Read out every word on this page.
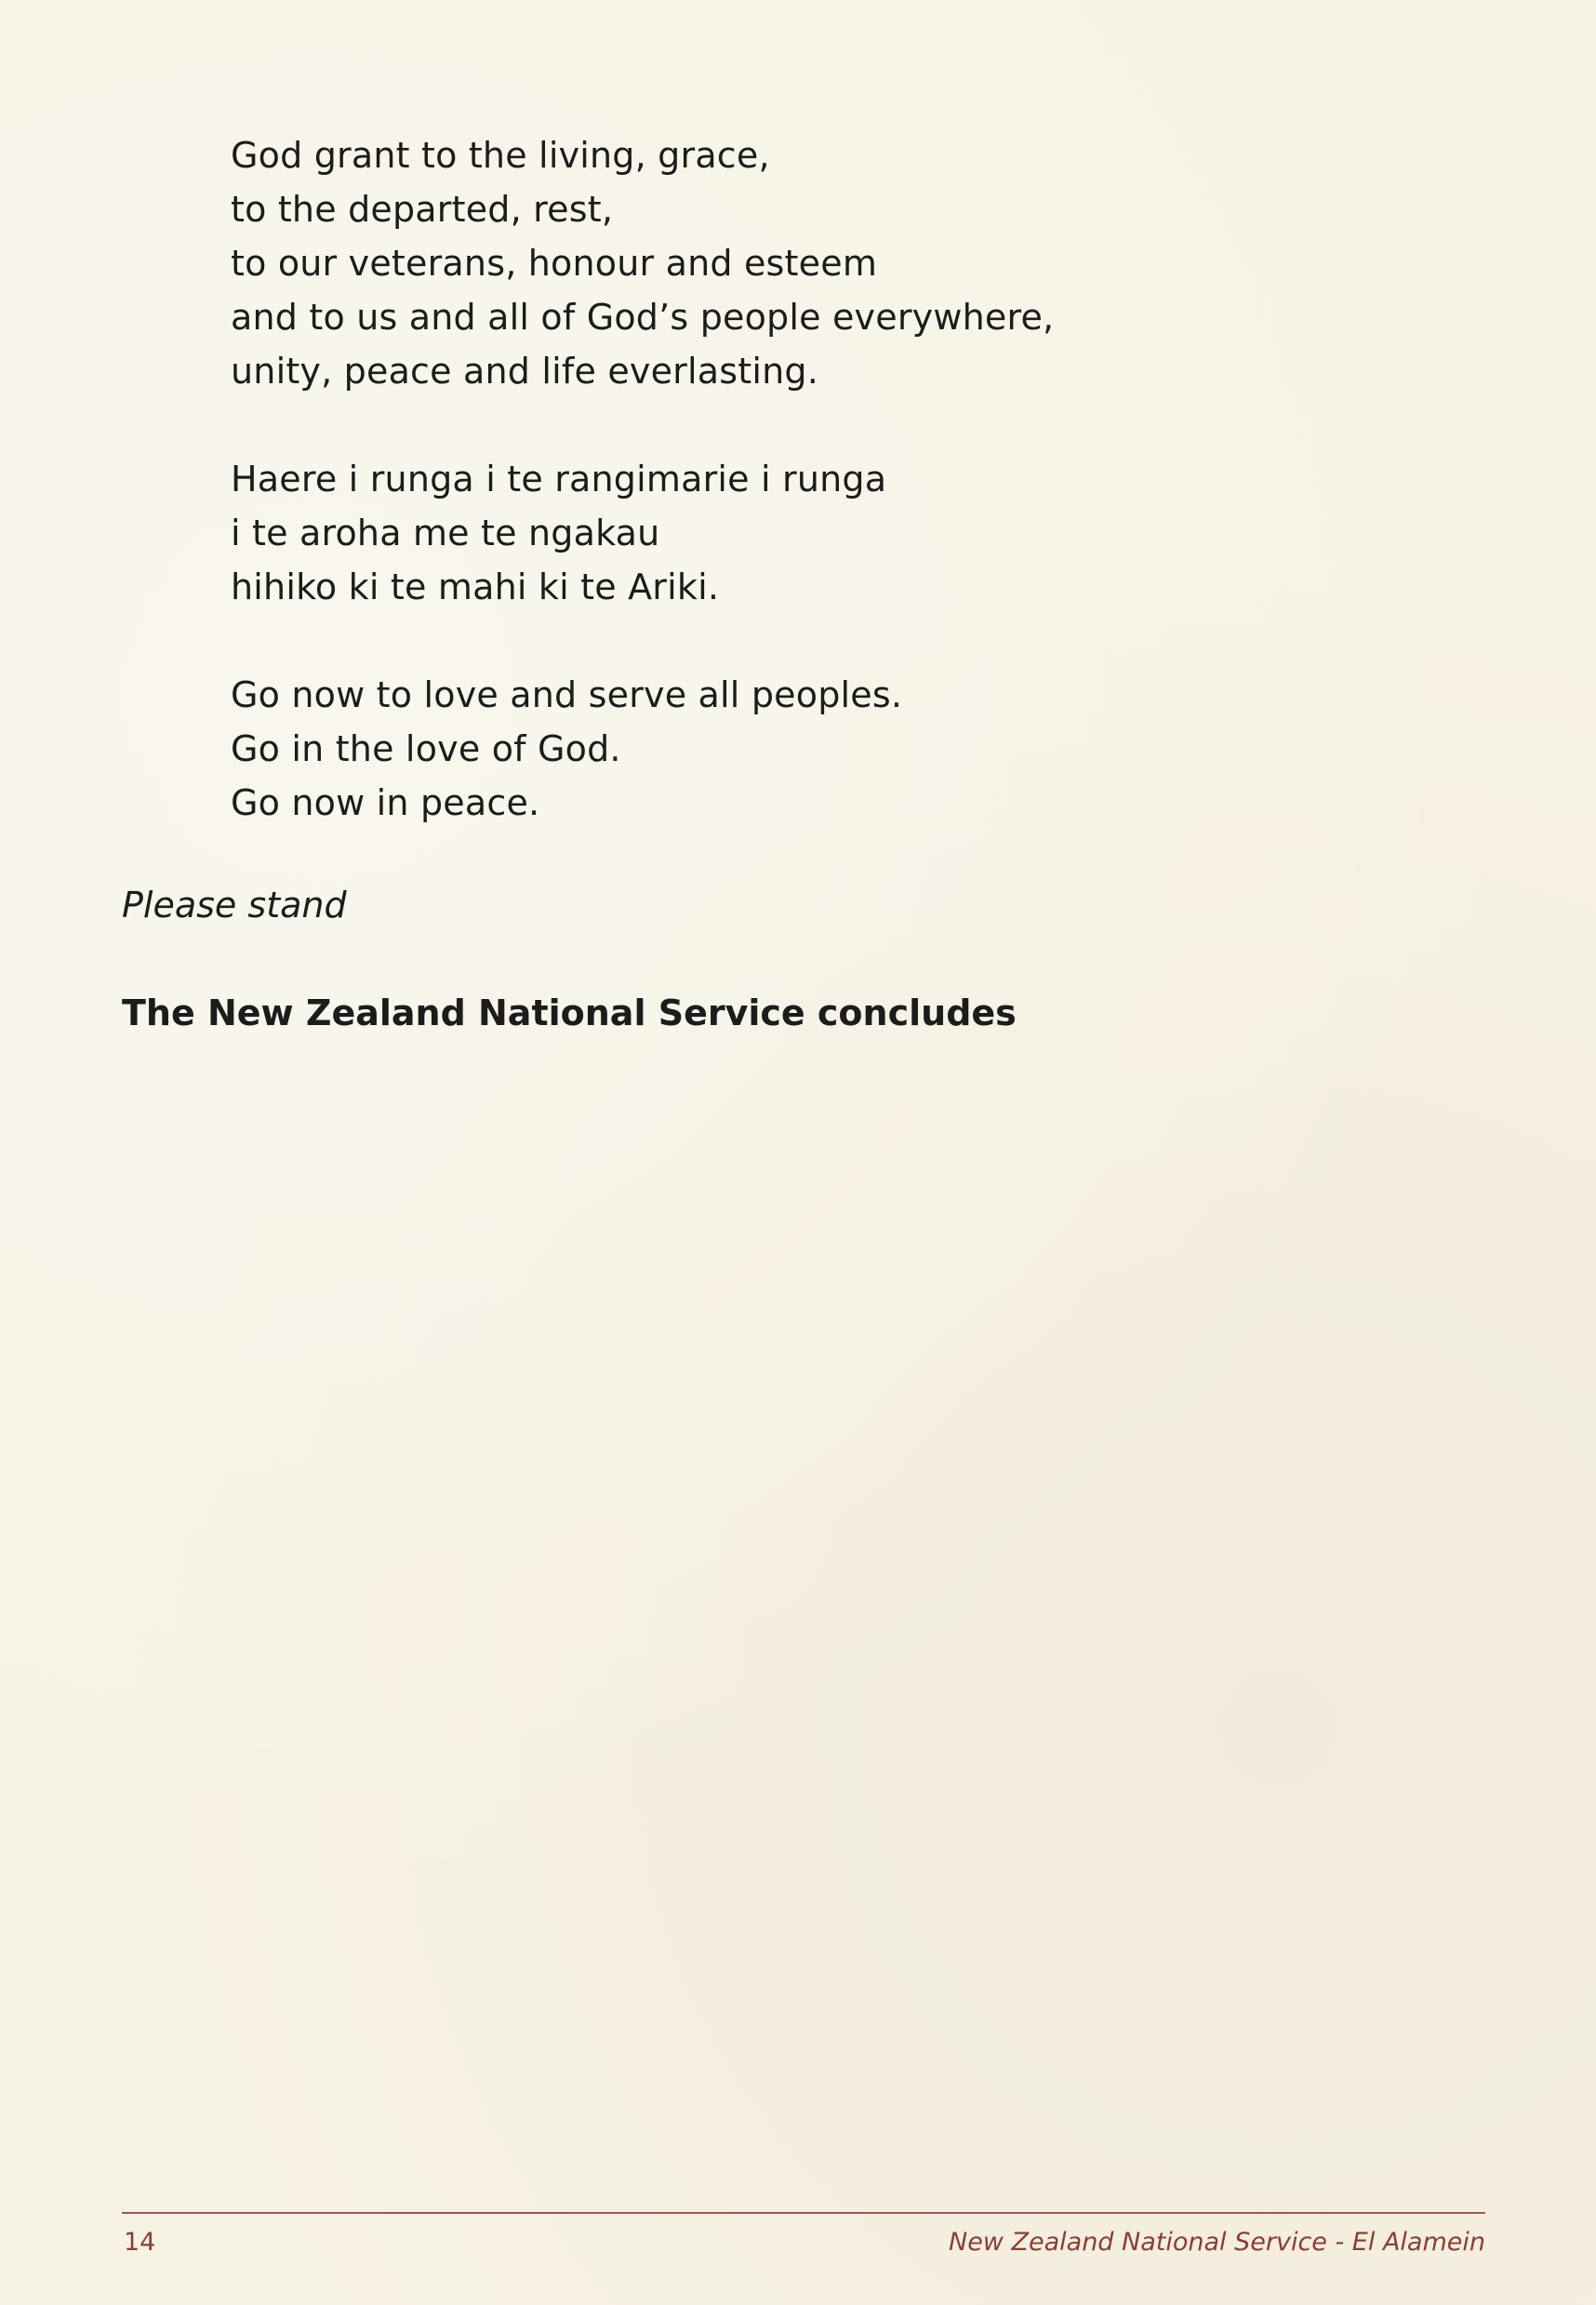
God grant to the living, grace,
to the departed, rest,
to our veterans, honour and esteem
and to us and all of God’s people everywhere,
unity, peace and life everlasting.
Haere i runga i te rangimarie i runga
i te aroha me te ngakau
hihiko ki te mahi ki te Ariki.
Go now to love and serve all peoples.
Go in the love of God.
Go now in peace.

Please stand

The New Zealand National Service concludes

14	New Zealand National Service - El Alamein
